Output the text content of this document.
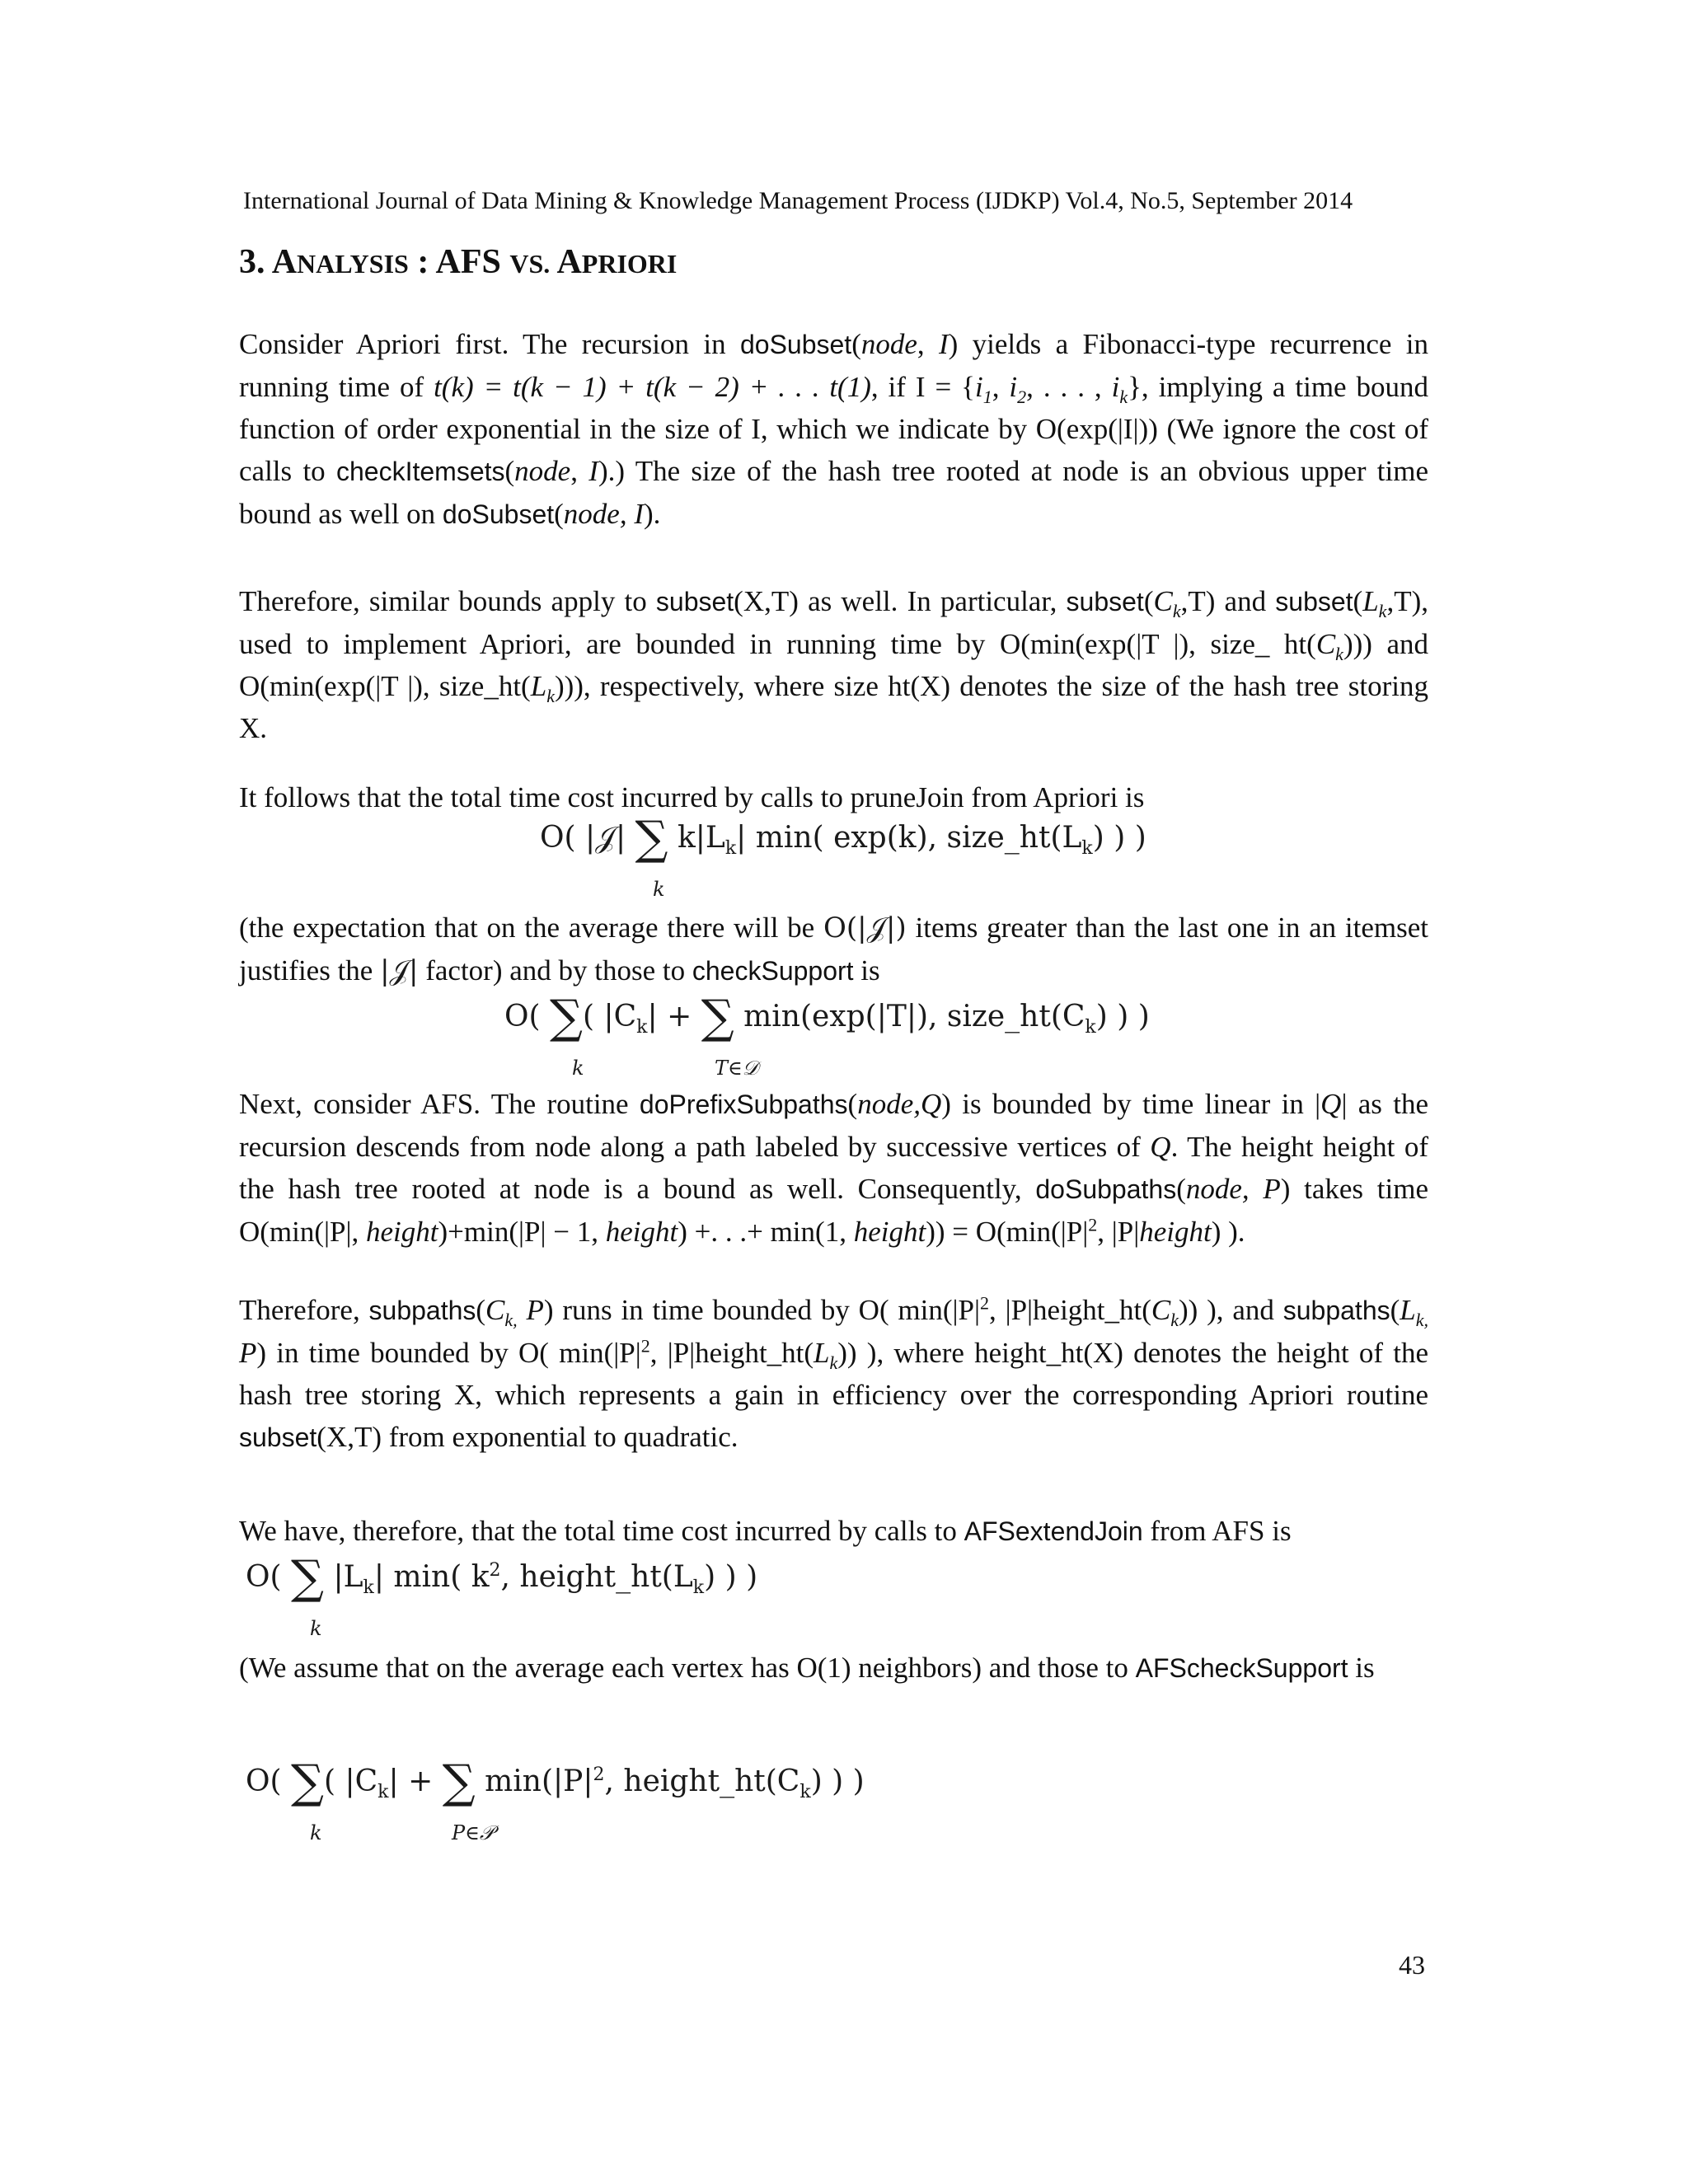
International Journal of Data Mining & Knowledge Management Process (IJDKP) Vol.4, No.5, September 2014
3. ANALYSIS : AFS VS. APRIORI
Consider Apriori first. The recursion in doSubset(node, I) yields a Fibonacci-type recurrence in running time of t(k) = t(k − 1) + t(k − 2) + . . . t(1), if $I = \{i_1$, $i_2$, . . . , $i_k$}, implying a time bound function of order exponential in the size of I, which we indicate by O(exp(|I|)) (We ignore the cost of calls to checkItemsets(node, I).) The size of the hash tree rooted at node is an obvious upper time bound as well on doSubset(node, I).
Therefore, similar bounds apply to subset(X,T) as well. In particular, $subset(C_k,T)$ and $subset(L_k,T)$, used to implement Apriori, are bounded in running time by O(min(exp(|T |), size_ $ht(C_k)$)) and O(min(exp(|T |), $size\_ht(L_k)$)), respectively, where size ht(X) denotes the size of the hash tree storing X.
It follows that the total time cost incurred by calls to pruneJoin from Apriori is
O( |𝒥| ∑ $k|L_k|$ min( exp(k), $size\_ht(L_k)$ ) )
k
(the expectation that on the average there will be O(|𝒥|) items greater than the last one in an itemset justifies the |𝒥| factor) and by those to checkSupport is
O( ∑( $|C_k|$ + ∑ min(exp(|T|), $size\_ht(C_k)$ ) )
k	T∈𝒟
Next, consider AFS. The routine doPrefixSubpaths(node,Q) is bounded by time linear in |Q| as the recursion descends from node along a path labeled by successive vertices of Q. The height height of the hash tree rooted at node is a bound as well. Consequently, doSubpaths(node, P) takes time O(min(|P|, height)+min(|P| − 1, height) +. . .+ min(1, height)) = $O(\min(|P|^2$, |P|height) ).
Therefore, $subpaths(C_{k,}$ P) runs in time bounded by O( $\min(|P|^2$, $|P|height\_ht(C_k)$) ), and $subpaths(L_{k,}$ P) in time bounded by O( $\min(|P|^2$, $|P|height\_ht(L_k)$) ), where height_ht(X) denotes the height of the hash tree storing X, which represents a gain in efficiency over the corresponding Apriori routine subset(X,T) from exponential to quadratic.
We have, therefore, that the total time cost incurred by calls to AFSextendJoin from AFS is
O( ∑ $|L_k|$ min( $k^2$, $height\_ht(L_k)$ ) )
k
(We assume that on the average each vertex has O(1) neighbors) and those to AFScheckSupport is
O( ∑( $|C_k|$ + ∑ $\min(|P|^2$, $height\_ht(C_k)$ ) )
k	P∈𝒫
43
